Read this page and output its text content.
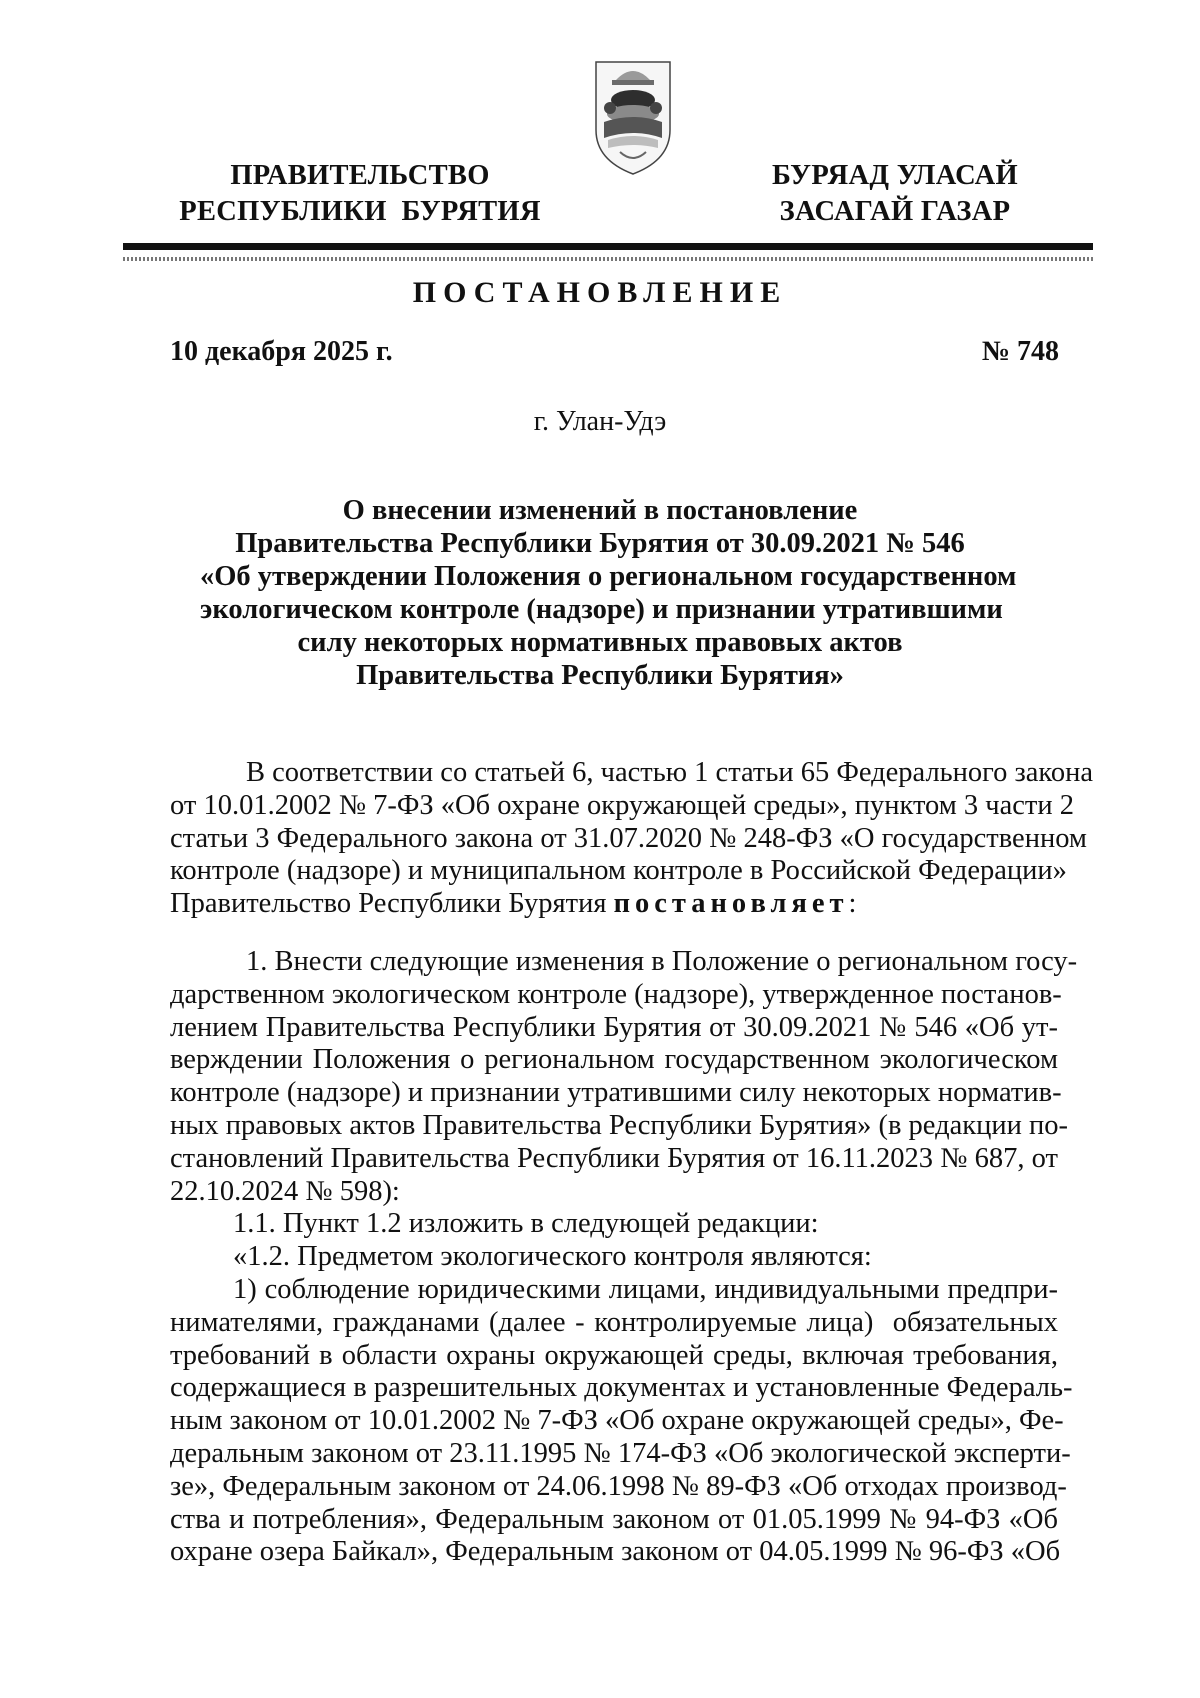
ПРАВИТЕЛЬСТВО
РЕСПУБЛИКИ  БУРЯТИЯ
БУРЯАД УЛАСАЙ
ЗАСАГАЙ ГАЗАР
ПОСТАНОВЛЕНИЕ
10 декабря 2025 г.	№ 748
г. Улан-Удэ
О внесении изменений в постановление
Правительства Республики Бурятия от 30.09.2021 № 546
«Об утверждении Положения о региональном государственном
экологическом контроле (надзоре) и признании утратившими
силу некоторых нормативных правовых актов
Правительства Республики Бурятия»
В соответствии со статьей 6, частью 1 статьи 65 Федерального закона
от 10.01.2002 № 7-ФЗ «Об охране окружающей среды», пунктом 3 части 2
статьи 3 Федерального закона от 31.07.2020 № 248-ФЗ «О государственном
контроле (надзоре) и муниципальном контроле в Российской Федерации»
Правительство Республики Бурятия постановляет:
1. Внести следующие изменения в Положение о региональном госу-
дарственном экологическом контроле (надзоре), утвержденное постанов-
лением Правительства Республики Бурятия от 30.09.2021 № 546 «Об ут-
верждении Положения о региональном государственном экологическом
контроле (надзоре) и признании утратившими силу некоторых норматив-
ных правовых актов Правительства Республики Бурятия» (в редакции по-
становлений Правительства Республики Бурятия от 16.11.2023 № 687, от
22.10.2024 № 598):
1.1. Пункт 1.2 изложить в следующей редакции:
«1.2. Предметом экологического контроля являются:
1) соблюдение юридическими лицами, индивидуальными предпри-
нимателями, гражданами (далее - контролируемые лица)  обязательных
требований в области охраны окружающей среды, включая требования,
содержащиеся в разрешительных документах и установленные Федераль-
ным законом от 10.01.2002 № 7-ФЗ «Об охране окружающей среды», Фе-
деральным законом от 23.11.1995 № 174-ФЗ «Об экологической эксперти-
зе», Федеральным законом от 24.06.1998 № 89-ФЗ «Об отходах производ-
ства и потребления», Федеральным законом от 01.05.1999 № 94-ФЗ «Об
охране озера Байкал», Федеральным законом от 04.05.1999 № 96-ФЗ «Об
